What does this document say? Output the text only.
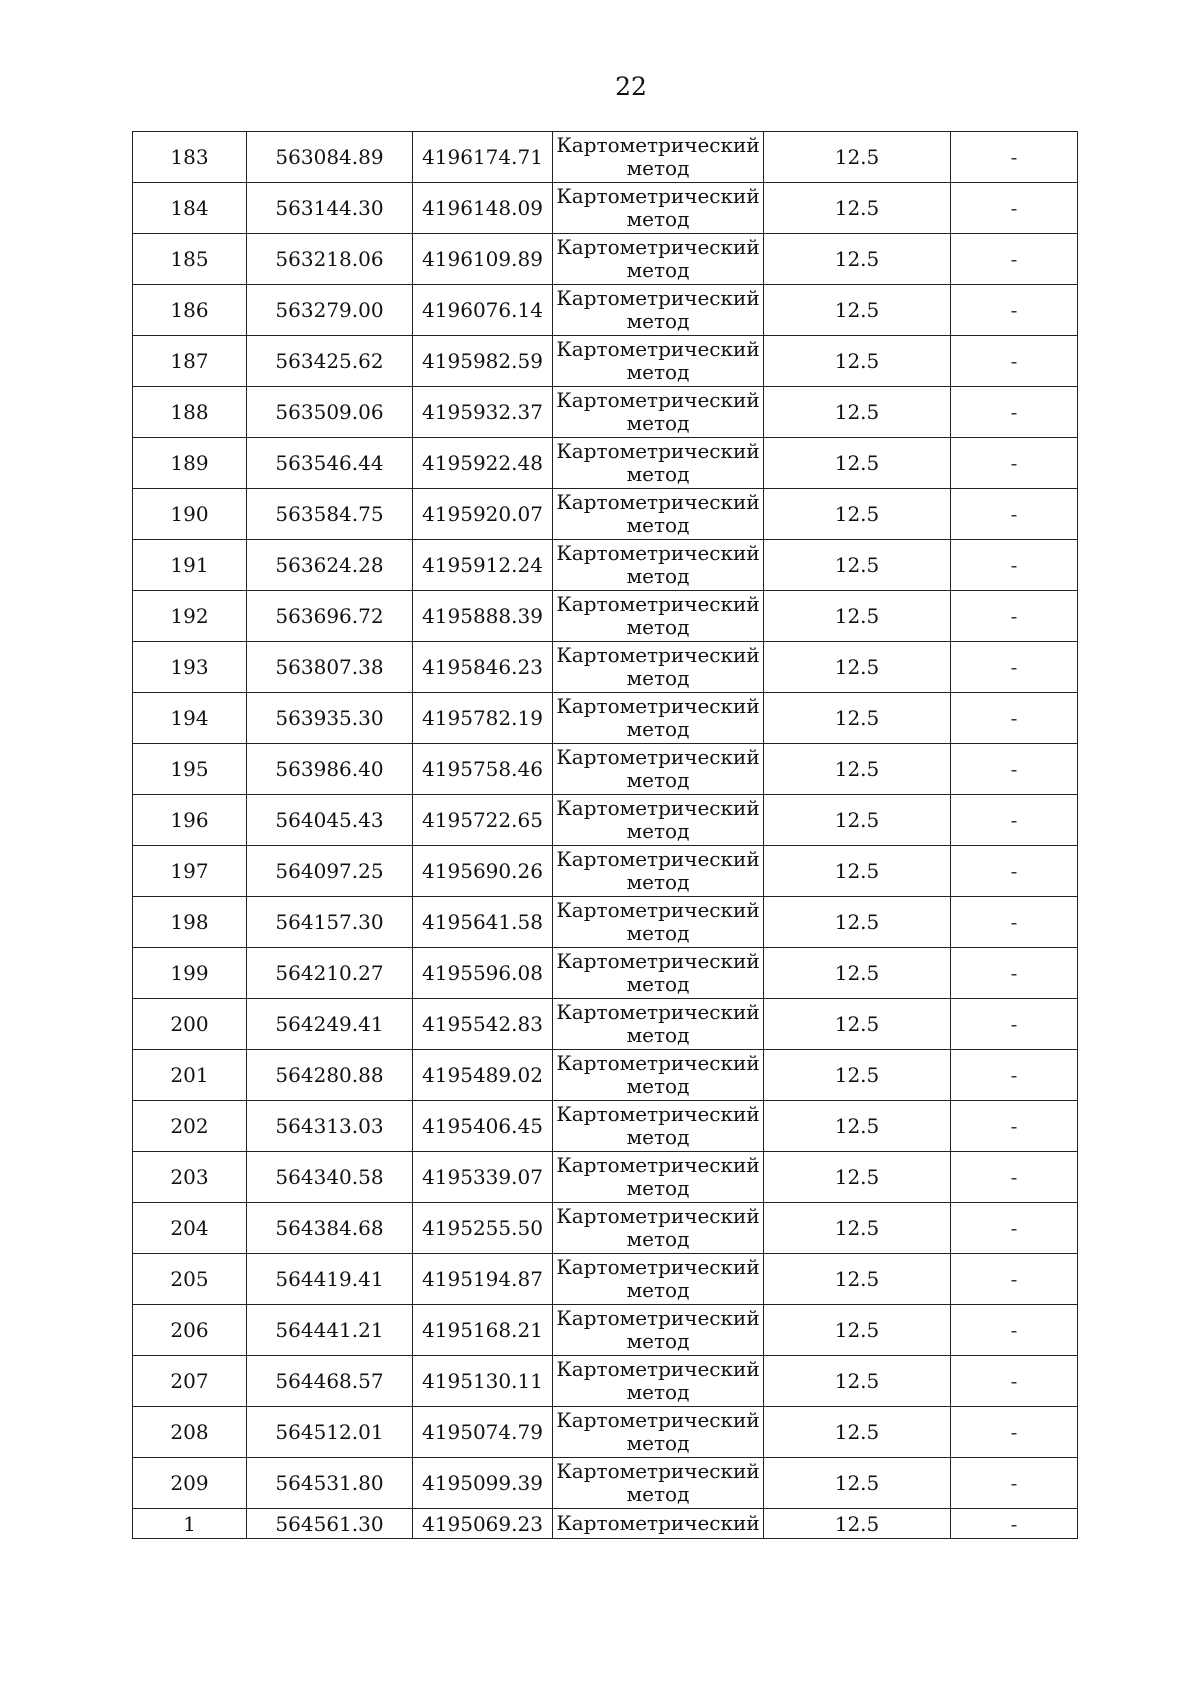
22
183	563084.89	4196174.71	Картометрический
метод	12.5	-
184	563144.30	4196148.09	Картометрический
метод	12.5	-
185	563218.06	4196109.89	Картометрический
метод	12.5	-
186	563279.00	4196076.14	Картометрический
метод	12.5	-
187	563425.62	4195982.59	Картометрический
метод	12.5	-
188	563509.06	4195932.37	Картометрический
метод	12.5	-
189	563546.44	4195922.48	Картометрический
метод	12.5	-
190	563584.75	4195920.07	Картометрический
метод	12.5	-
191	563624.28	4195912.24	Картометрический
метод	12.5	-
192	563696.72	4195888.39	Картометрический
метод	12.5	-
193	563807.38	4195846.23	Картометрический
метод	12.5	-
194	563935.30	4195782.19	Картометрический
метод	12.5	-
195	563986.40	4195758.46	Картометрический
метод	12.5	-
196	564045.43	4195722.65	Картометрический
метод	12.5	-
197	564097.25	4195690.26	Картометрический
метод	12.5	-
198	564157.30	4195641.58	Картометрический
метод	12.5	-
199	564210.27	4195596.08	Картометрический
метод	12.5	-
200	564249.41	4195542.83	Картометрический
метод	12.5	-
201	564280.88	4195489.02	Картометрический
метод	12.5	-
202	564313.03	4195406.45	Картометрический
метод	12.5	-
203	564340.58	4195339.07	Картометрический
метод	12.5	-
204	564384.68	4195255.50	Картометрический
метод	12.5	-
205	564419.41	4195194.87	Картометрический
метод	12.5	-
206	564441.21	4195168.21	Картометрический
метод	12.5	-
207	564468.57	4195130.11	Картометрический
метод	12.5	-
208	564512.01	4195074.79	Картометрический
метод	12.5	-
209	564531.80	4195099.39	Картометрический
метод	12.5	-
1	564561.30	4195069.23	Картометрический	12.5	-
